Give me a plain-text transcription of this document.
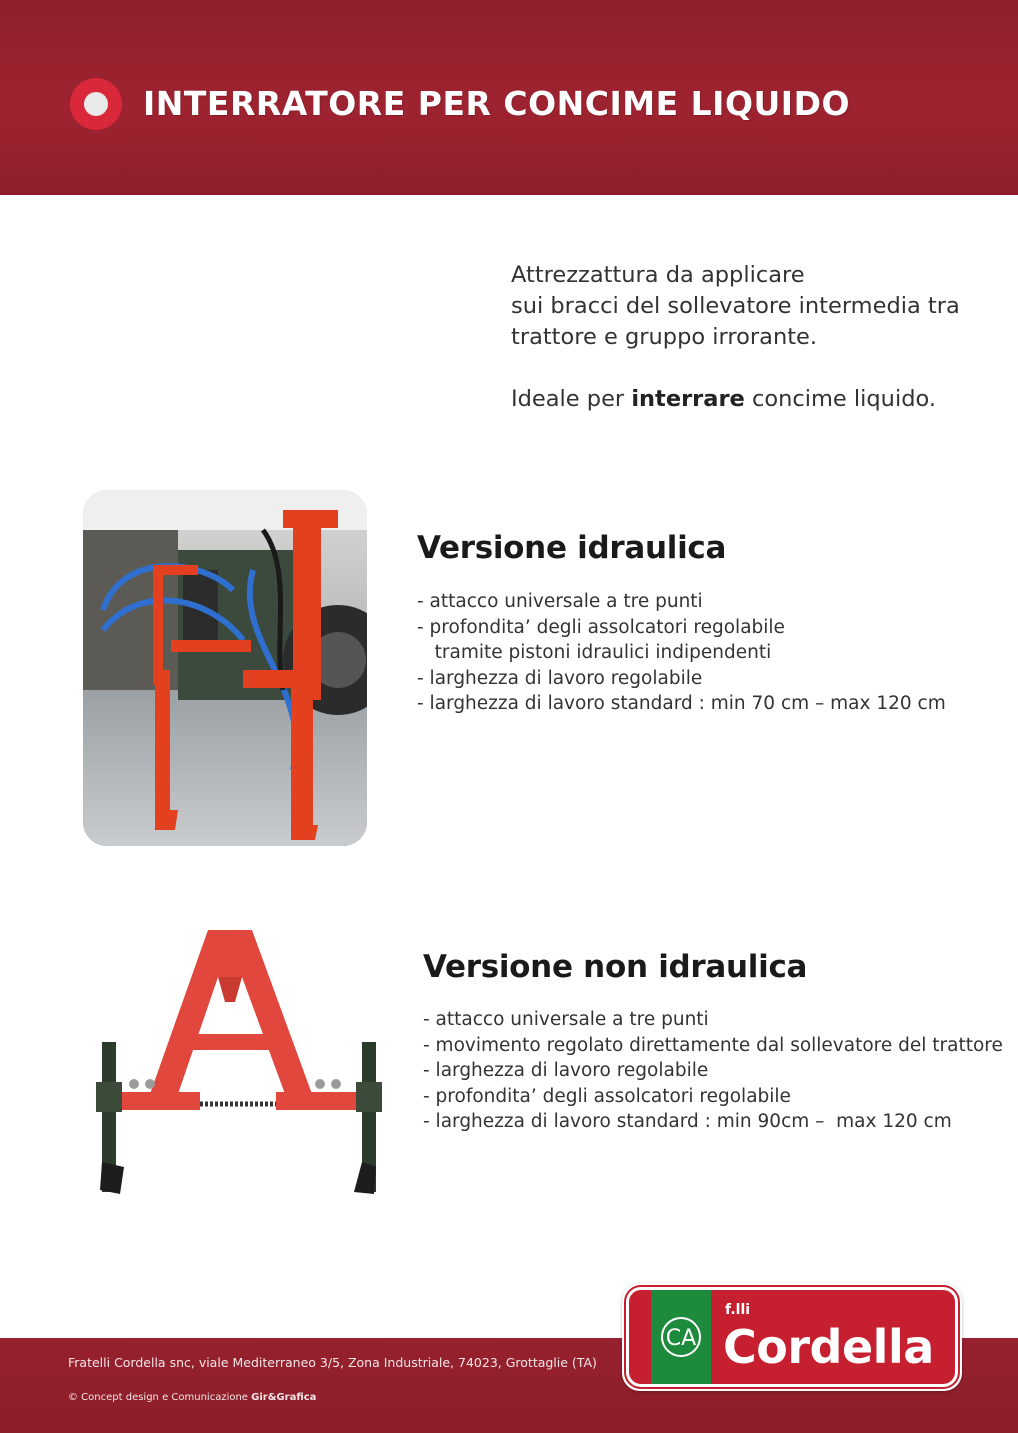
INTERRATORE PER CONCIME LIQUIDO

Attrezzattura da applicare
sui bracci del sollevatore intermedia tra
trattore e gruppo irrorante.

Ideale per interrare concime liquido.

Versione idraulica
- attacco universale a tre punti
- profondita’ degli assolcatori regolabile
tramite pistoni idraulici indipendenti
- larghezza di lavoro regolabile
- larghezza di lavoro standard : min 70 cm – max 120 cm
Versione non idraulica
- attacco universale a tre punti
- movimento regolato direttamente dal sollevatore del trattore
- larghezza di lavoro regolabile
- profondita’ degli assolcatori regolabile
- larghezza di lavoro standard : min 90cm –  max 120 cm
Fratelli Cordella snc, viale Mediterraneo 3/5, Zona Industriale, 74023, Grottaglie (TA)
© Concept design e Comunicazione Gir&Grafica
CA
f.lli
Cordella
